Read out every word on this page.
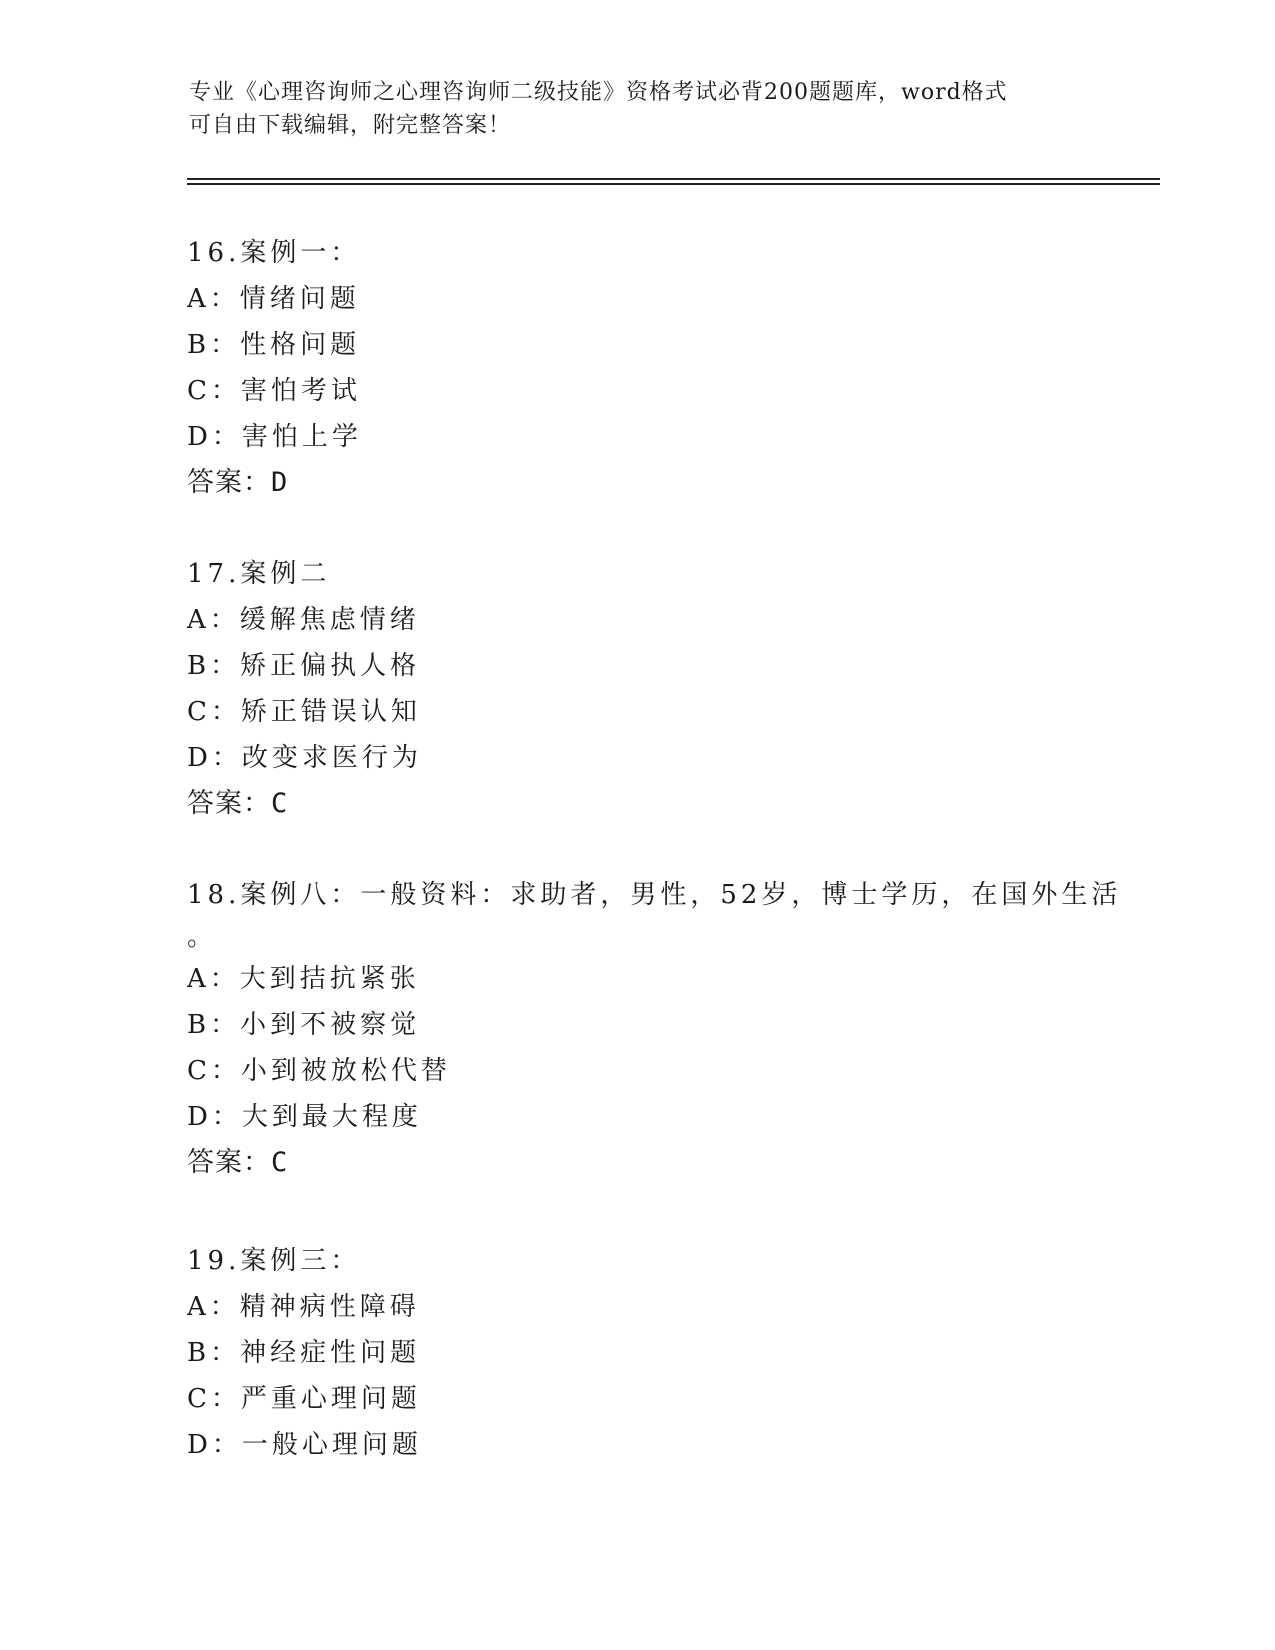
专业《心理咨询师之心理咨询师二级技能》资格考试必背200题题库，word格式
可自由下载编辑，附完整答案！
16.案例一：
A：情绪问题
B：性格问题
C：害怕考试
D：害怕上学
答案：D
17.案例二
A：缓解焦虑情绪
B：矫正偏执人格
C：矫正错误认知
D：改变求医行为
答案：C
18.案例八：一般资料：求助者，男性，52岁，博士学历，在国外生活
。
A：大到拮抗紧张
B：小到不被察觉
C：小到被放松代替
D：大到最大程度
答案：C
19.案例三：
A：精神病性障碍
B：神经症性问题
C：严重心理问题
D：一般心理问题
